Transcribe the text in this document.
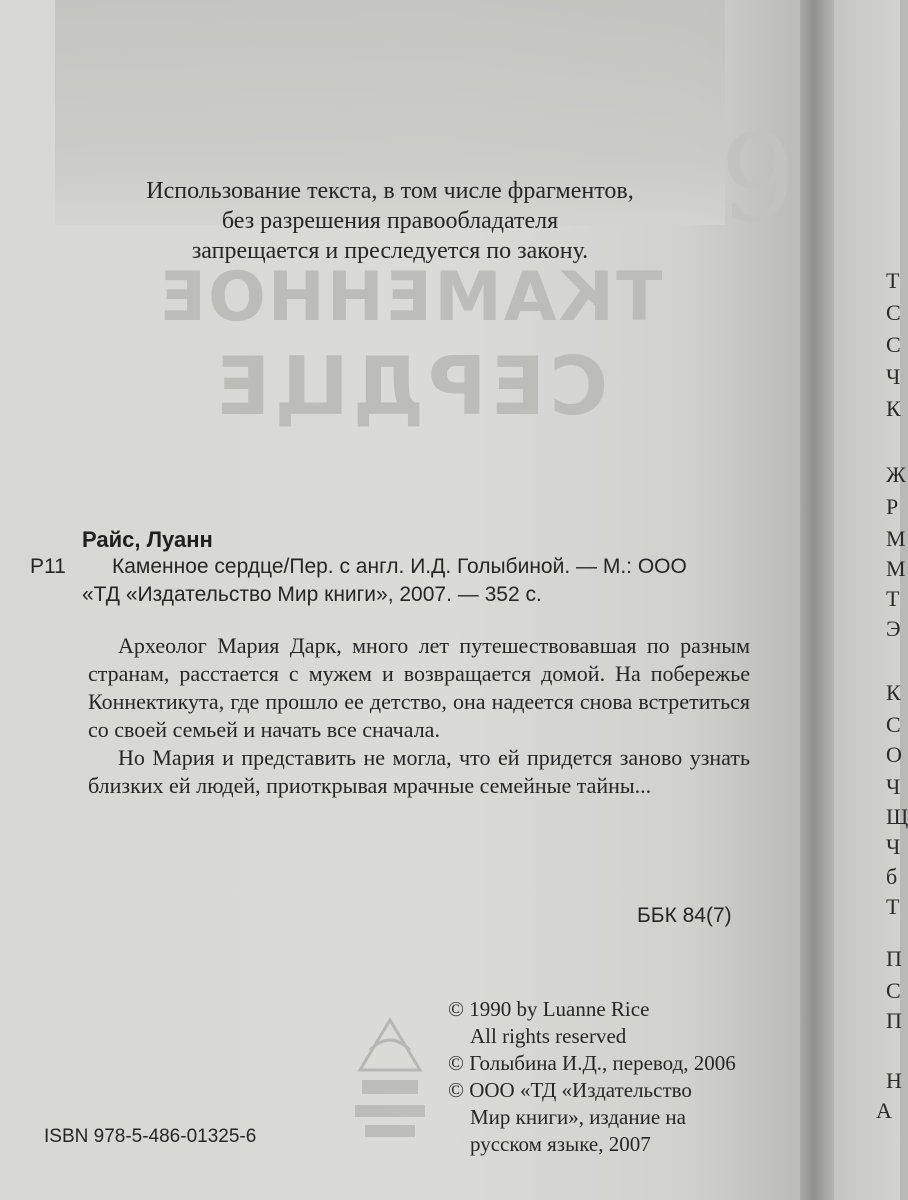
ТКАМЕННОЕ
СЕРДЦЕ
9
Использование текста, в том числе фрагментов,
без разрешения правообладателя
запрещается и преследуется по закону.
Райс, Луанн
Р11	Каменное сердце/Пер. с англ. И.Д. Голыбиной. — М.: ООО
«ТД «Издательство Мир книги», 2007. — 352 с.

Археолог Мария Дарк, много лет путешествовавшая по разным странам, расстается с мужем и возвращается домой. На побережье Коннектикута, где прошло ее детство, она надеется снова встретиться со своей семьей и начать все сначала.

Но Мария и представить не могла, что ей придется заново узнать близких ей людей, приоткрывая мрачные семейные тайны...

ББК 84(7)
© 1990 by Luanne Rice
All rights reserved
© Голыбина И.Д., перевод, 2006
© ООО «ТД «Издательство
Мир книги», издание на
русском языке, 2007
ISBN 978-5-486-01325-6
Т
С
С
Ч
К
Ж
Р
М
М
Т
Э
К
С
О
Ч
Щ
Ч
б
Т
П
С
П
Н
А
